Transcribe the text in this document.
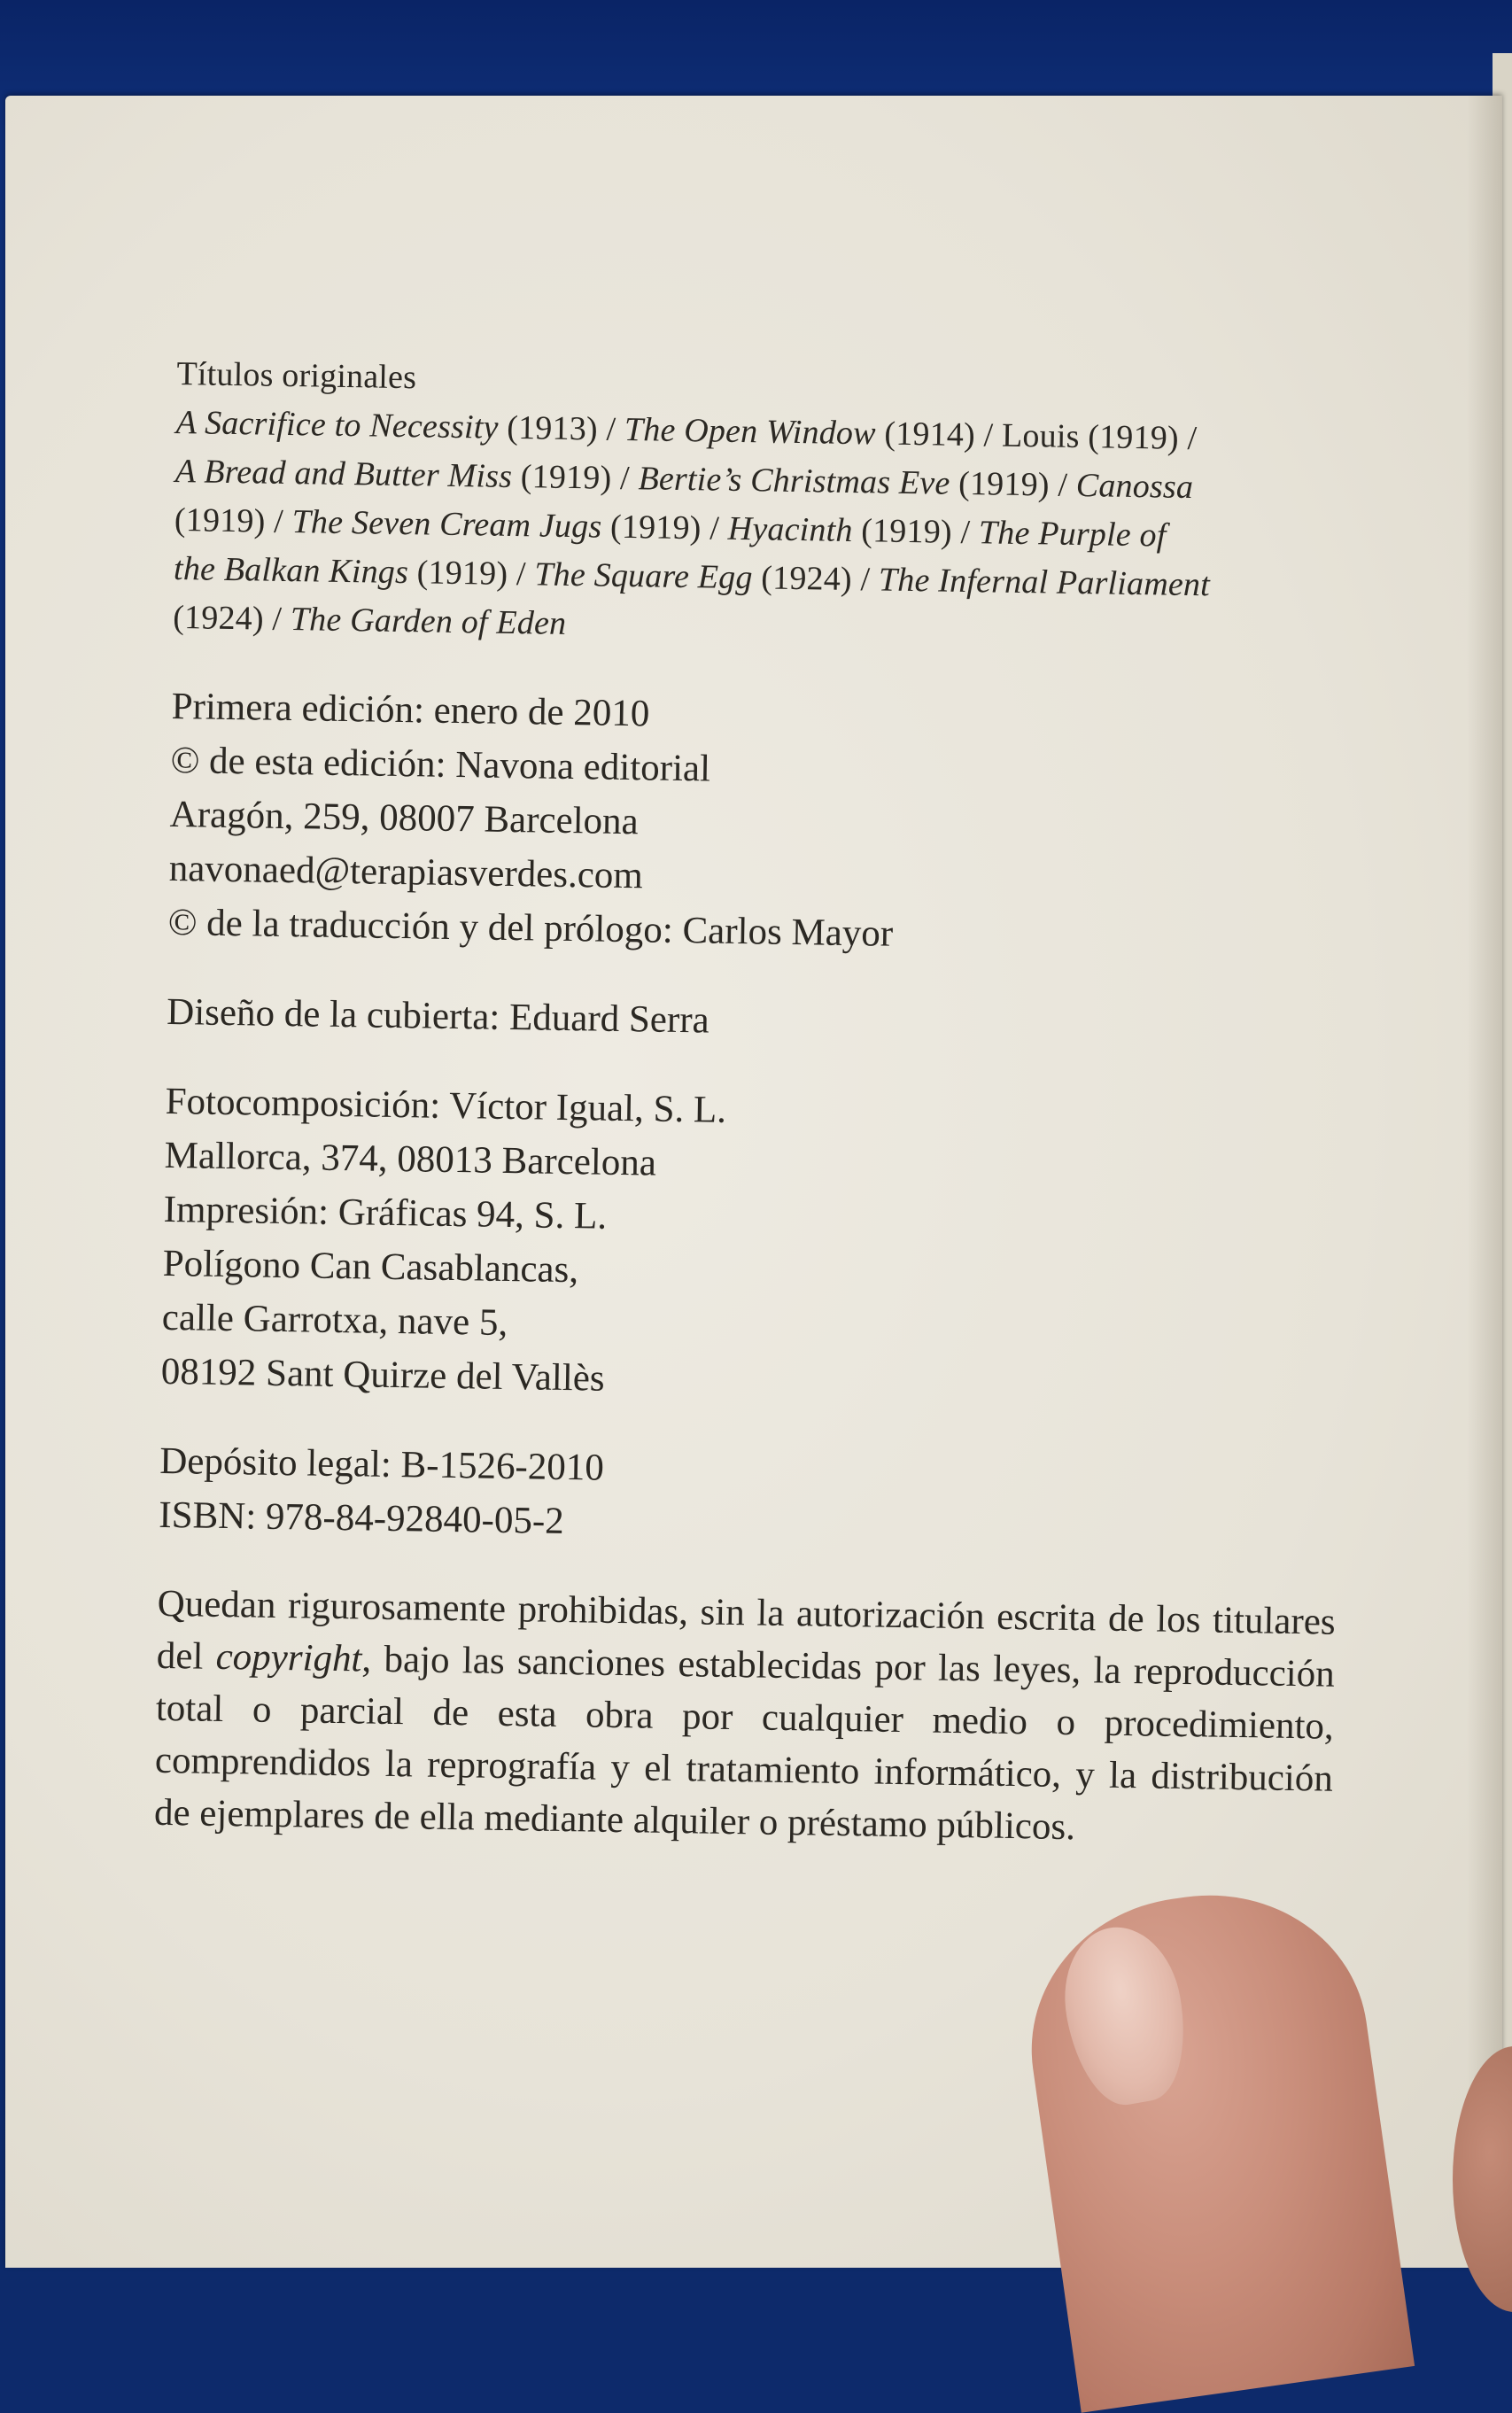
Títulos originales
A Sacrifice to Necessity (1913) / The Open Window (1914) / Louis (1919) /
A Bread and Butter Miss (1919) / Bertie’s Christmas Eve (1919) / Canossa
(1919) / The Seven Cream Jugs (1919) / Hyacinth (1919) / The Purple of
the Balkan Kings (1919) / The Square Egg (1924) / The Infernal Parliament
(1924) / The Garden of Eden
Primera edición: enero de 2010
© de esta edición: Navona editorial
Aragón, 259, 08007 Barcelona
navonaed@terapiasverdes.com
© de la traducción y del prólogo: Carlos Mayor
Diseño de la cubierta: Eduard Serra
Fotocomposición: Víctor Igual, S. L.
Mallorca, 374, 08013 Barcelona
Impresión: Gráficas 94, S. L.
Polígono Can Casablancas,
calle Garrotxa, nave 5,
08192 Sant Quirze del Vallès
Depósito legal: B-1526-2010
ISBN: 978-84-92840-05-2

Quedan rigurosamente prohibidas, sin la autorización escrita de los titulares del copyright, bajo las sanciones establecidas por las leyes, la reproducción total o parcial de esta obra por cualquier medio o procedimiento, comprendidos la reprografía y el tratamiento informático, y la distribución de ejemplares de ella mediante alquiler o préstamo públicos.
